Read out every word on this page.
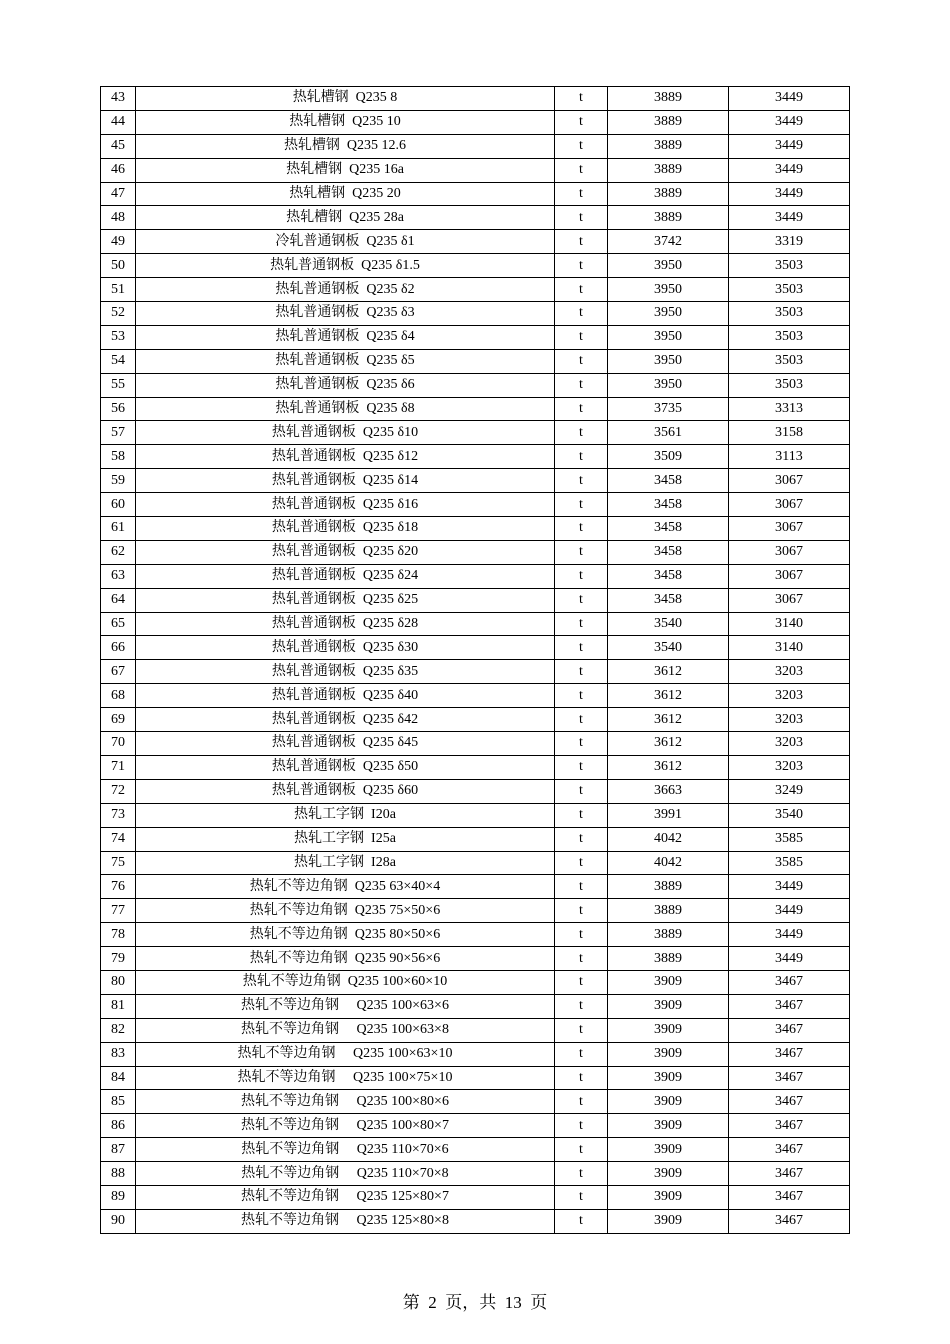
43	热轧槽钢  Q235 8	t	3889	3449
44	热轧槽钢  Q235 10	t	3889	3449
45	热轧槽钢  Q235 12.6	t	3889	3449
46	热轧槽钢  Q235 16a	t	3889	3449
47	热轧槽钢  Q235 20	t	3889	3449
48	热轧槽钢  Q235 28a	t	3889	3449
49	冷轧普通钢板  Q235 δ1	t	3742	3319
50	热轧普通钢板  Q235 δ1.5	t	3950	3503
51	热轧普通钢板  Q235 δ2	t	3950	3503
52	热轧普通钢板  Q235 δ3	t	3950	3503
53	热轧普通钢板  Q235 δ4	t	3950	3503
54	热轧普通钢板  Q235 δ5	t	3950	3503
55	热轧普通钢板  Q235 δ6	t	3950	3503
56	热轧普通钢板  Q235 δ8	t	3735	3313
57	热轧普通钢板  Q235 δ10	t	3561	3158
58	热轧普通钢板  Q235 δ12	t	3509	3113
59	热轧普通钢板  Q235 δ14	t	3458	3067
60	热轧普通钢板  Q235 δ16	t	3458	3067
61	热轧普通钢板  Q235 δ18	t	3458	3067
62	热轧普通钢板  Q235 δ20	t	3458	3067
63	热轧普通钢板  Q235 δ24	t	3458	3067
64	热轧普通钢板  Q235 δ25	t	3458	3067
65	热轧普通钢板  Q235 δ28	t	3540	3140
66	热轧普通钢板  Q235 δ30	t	3540	3140
67	热轧普通钢板  Q235 δ35	t	3612	3203
68	热轧普通钢板  Q235 δ40	t	3612	3203
69	热轧普通钢板  Q235 δ42	t	3612	3203
70	热轧普通钢板  Q235 δ45	t	3612	3203
71	热轧普通钢板  Q235 δ50	t	3612	3203
72	热轧普通钢板  Q235 δ60	t	3663	3249
73	热轧工字钢  I20a	t	3991	3540
74	热轧工字钢  I25a	t	4042	3585
75	热轧工字钢  I28a	t	4042	3585
76	热轧不等边角钢  Q235 63×40×4	t	3889	3449
77	热轧不等边角钢  Q235 75×50×6	t	3889	3449
78	热轧不等边角钢  Q235 80×50×6	t	3889	3449
79	热轧不等边角钢  Q235 90×56×6	t	3889	3449
80	热轧不等边角钢  Q235 100×60×10	t	3909	3467
81	热轧不等边角钢     Q235 100×63×6	t	3909	3467
82	热轧不等边角钢     Q235 100×63×8	t	3909	3467
83	热轧不等边角钢     Q235 100×63×10	t	3909	3467
84	热轧不等边角钢     Q235 100×75×10	t	3909	3467
85	热轧不等边角钢     Q235 100×80×6	t	3909	3467
86	热轧不等边角钢     Q235 100×80×7	t	3909	3467
87	热轧不等边角钢     Q235 110×70×6	t	3909	3467
88	热轧不等边角钢     Q235 110×70×8	t	3909	3467
89	热轧不等边角钢     Q235 125×80×7	t	3909	3467
90	热轧不等边角钢     Q235 125×80×8	t	3909	3467
第  2  页，共  13  页
